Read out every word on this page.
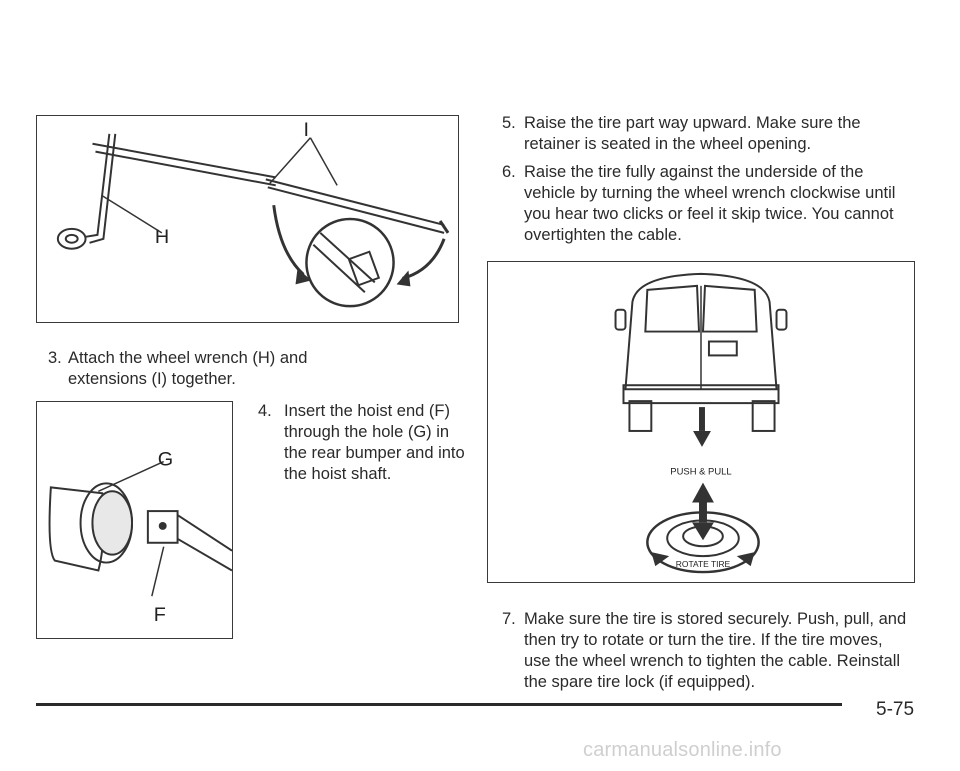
H
I
3. Attach the wheel wrench (H) and extensions (I) together.
G
F
4. Insert the hoist end (F) through the hole (G) in the rear bumper and into the hoist shaft.
5. Raise the tire part way upward. Make sure the retainer is seated in the wheel opening.
6. Raise the tire fully against the underside of the vehicle by turning the wheel wrench clockwise until you hear two clicks or feel it skip twice. You cannot overtighten the cable.
PUSH & PULL
ROTATE TIRE
7. Make sure the tire is stored securely. Push, pull, and then try to rotate or turn the tire. If the tire moves, use the wheel wrench to tighten the cable. Reinstall the spare tire lock (if equipped).
5-75
carmanualsonline.info
